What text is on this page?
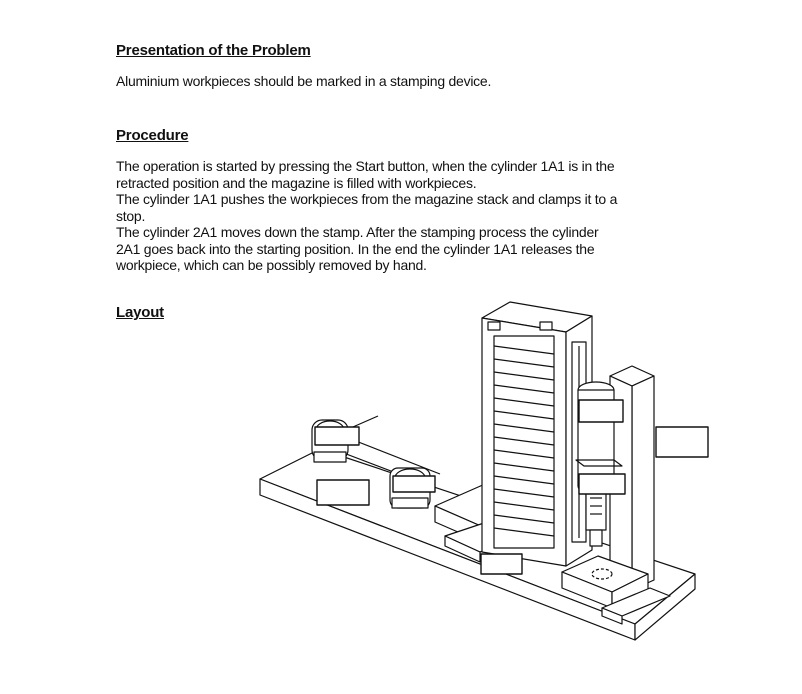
Presentation of the Problem

Aluminium workpieces should be marked in a stamping device.

Procedure

The operation is started by pressing the Start button, when the cylinder 1A1 is in the
retracted position and the magazine is filled with workpieces.
The cylinder 1A1 pushes the workpieces from the magazine stack and clamps it to a
stop.
The cylinder 2A1 moves down the stamp. After the stamping process the cylinder
2A1 goes back into the starting position. In the end the cylinder 1A1 releases the
workpiece, which can be possibly removed by hand.

Layout
